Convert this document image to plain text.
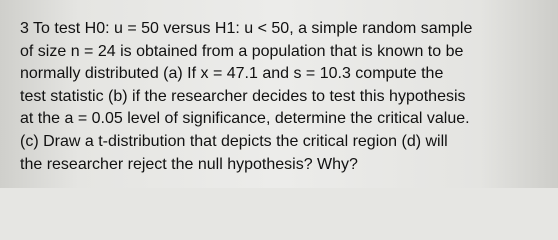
3 To test H0: u = 50 versus H1: u < 50, a simple random sample
of size n = 24 is obtained from a population that is known to be
normally distributed (a) If x = 47.1 and s = 10.3 compute the
test statistic (b) if the researcher decides to test this hypothesis
at the a = 0.05 level of significance, determine the critical value.
(c) Draw a t-distribution that depicts the critical region (d) will
the researcher reject the null hypothesis? Why?
